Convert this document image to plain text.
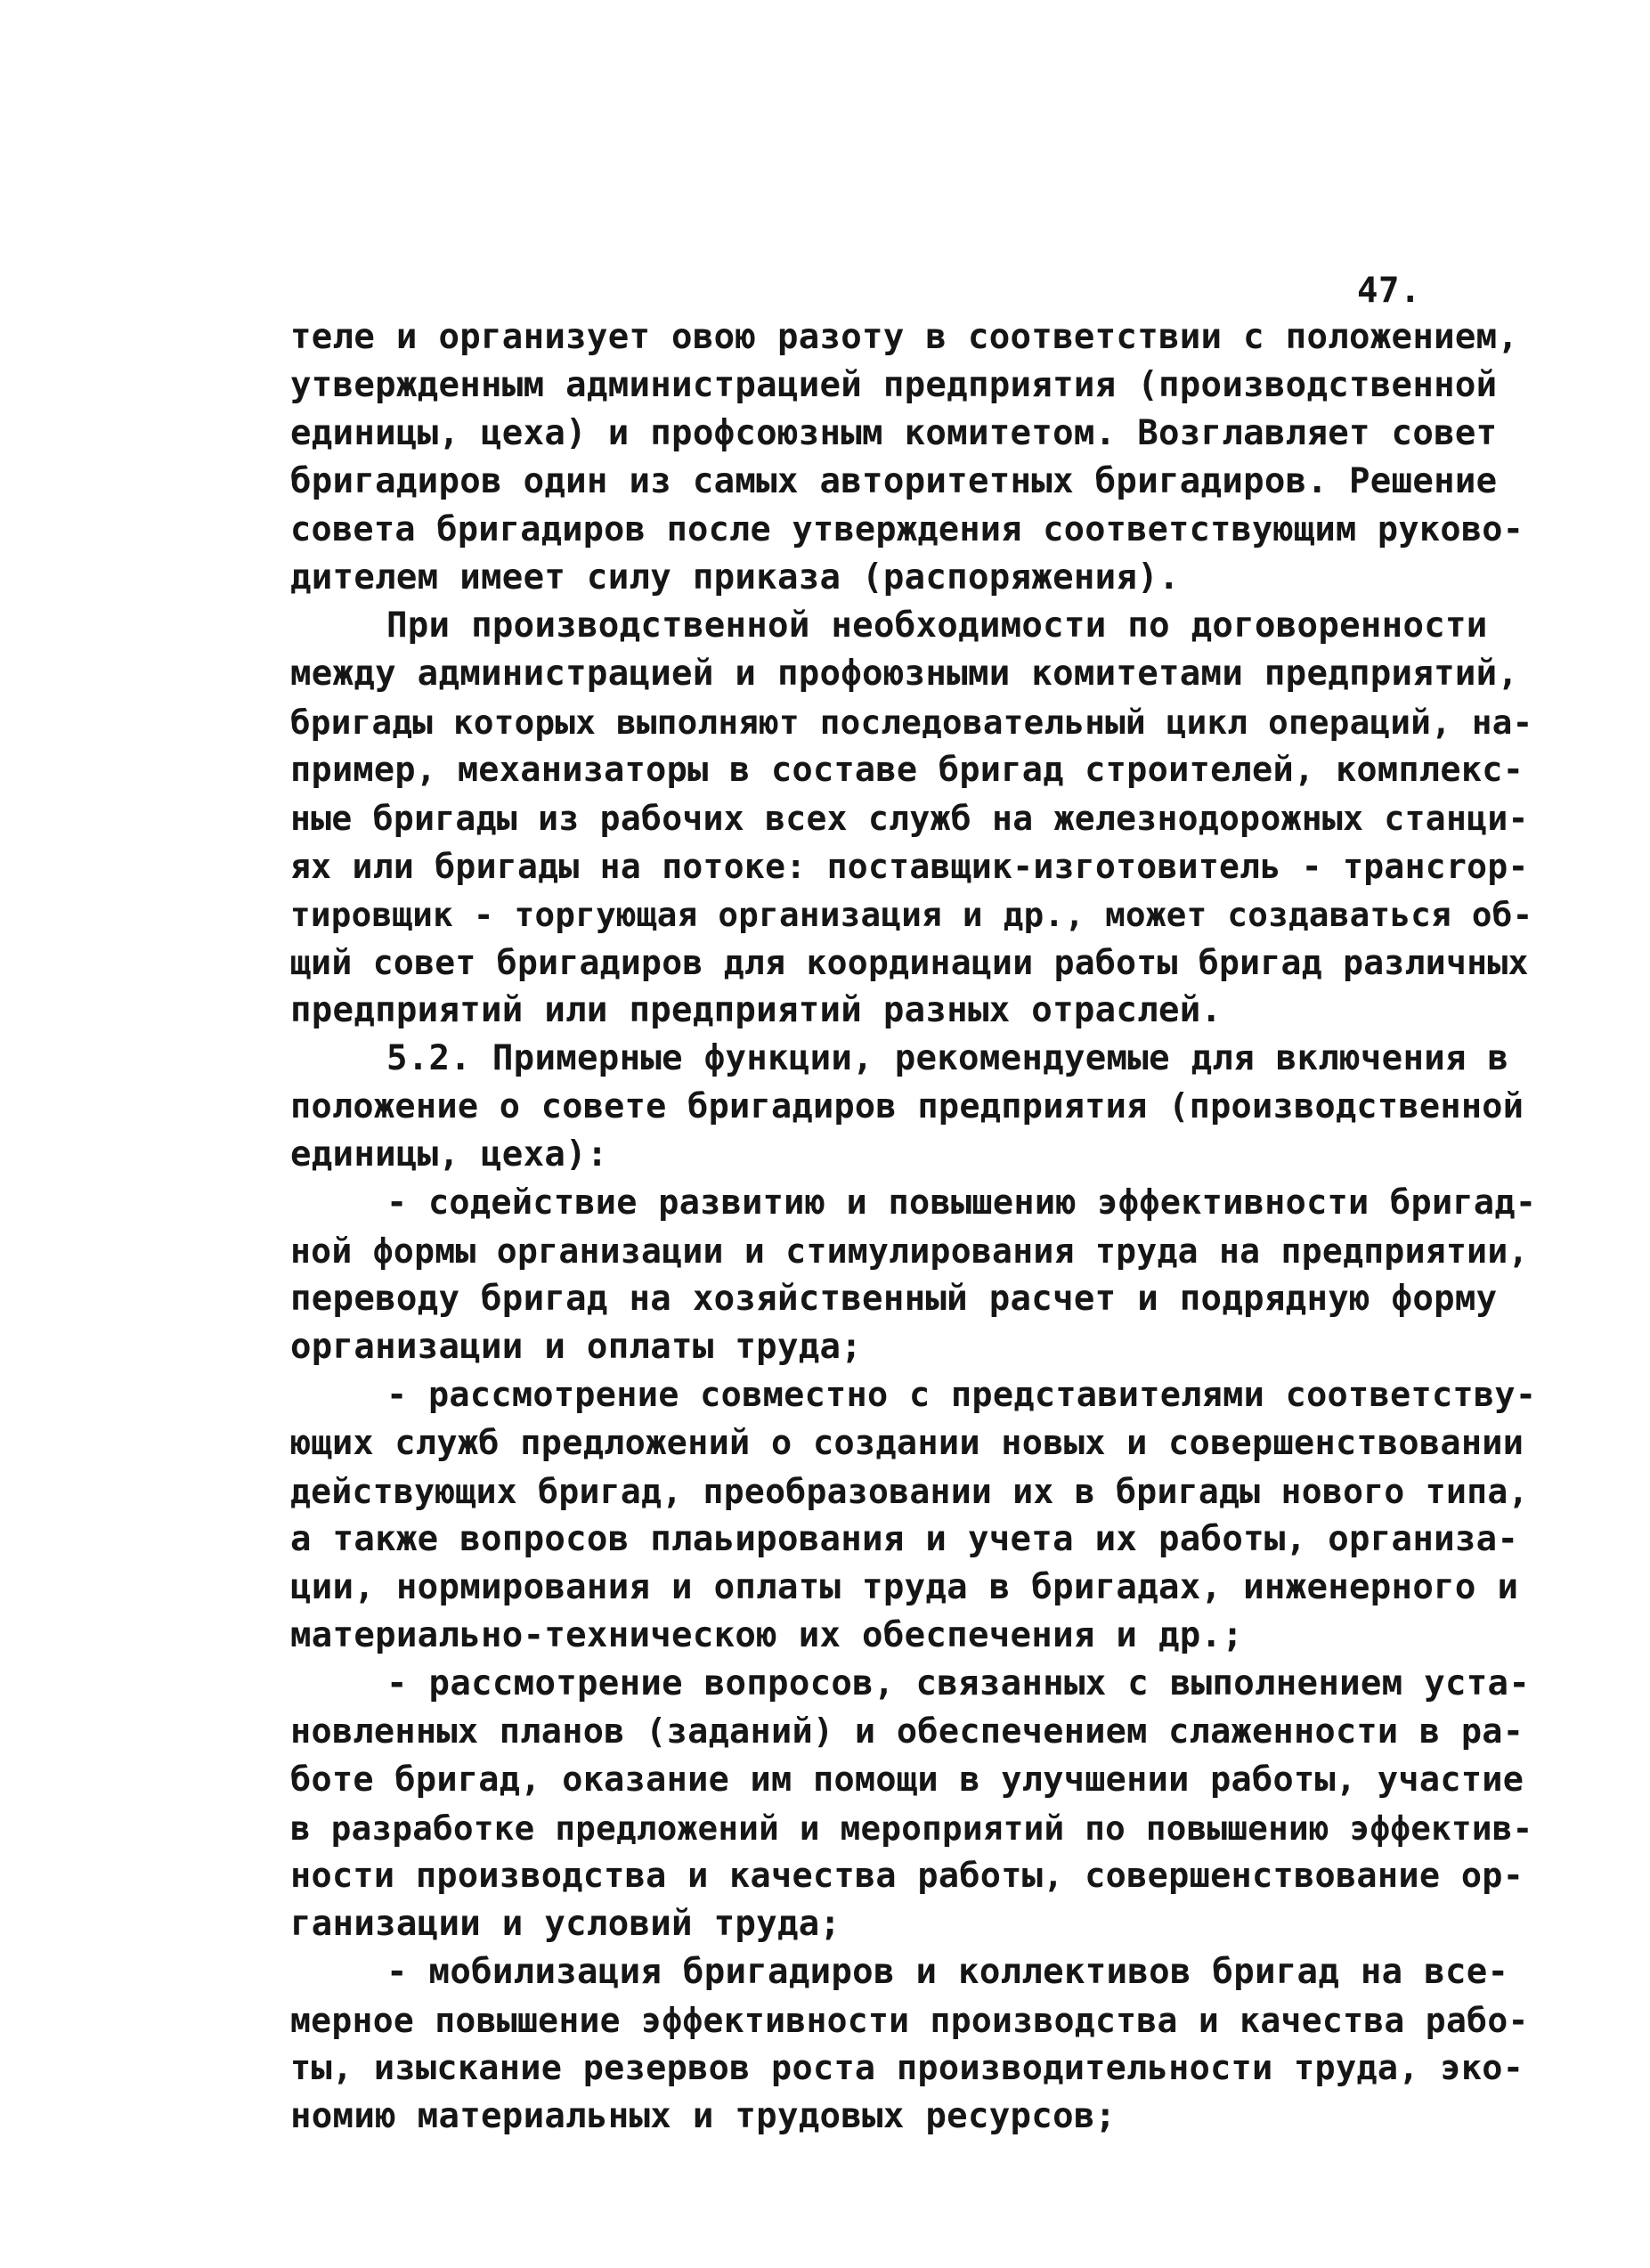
47.
теле и организует овою разоту в соответствии с положением,
утвержденным администрацией предприятия (производственной
единицы, цеха) и профсоюзным комитетом. Возглавляет совет
бригадиров один из самых авторитетных бригадиров. Решение
совета бригадиров после утверждения соответствующим руково-
дителем имеет силу приказа (распоряжения).
При производственной необходимости по договоренности
между администрацией и профоюзными комитетами предприятий,
бригады которых выполняют последовательный цикл операций, на-
пример, механизаторы в составе бригад строителей, комплекс-
ные бригады из рабочих всех служб на железнодорожных станци-
ях или бригады на потоке: поставщик-изготовитель - трансrop-
тировщик - торгующая организация и др., может создаваться об-
щий совет бригадиров для координации работы бригад различных
предприятий или предприятий разных отраслей.
5.2. Примерные функции, рекомендуемые для включения в
положение о совете бригадиров предприятия (производственной
единицы, цеха):
- содействие развитию и повышению эффективности бригад-
ной формы организации и стимулирования труда на предприятии,
переводу бригад на хозяйственный расчет и подрядную форму
организации и оплаты труда;
- рассмотрение совместно с представителями соответству-
ющих служб предложений о создании новых и совершенствовании
действующих бригад, преобразовании их в бригады нового типа,
а также вопросов плаьирования и учета их работы, организа-
ции, нормирования и оплаты труда в бригадах, инженерного и
материально-техническою их обеспечения и др.;
- рассмотрение вопросов, связанных с выполнением уста-
новленных планов (заданий) и обеспечением слаженности в ра-
боте бригад, оказание им помощи в улучшении работы, участие
в разработке предложений и мероприятий по повышению эффектив-
ности производства и качества работы, совершенствование ор-
ганизации и условий труда;
- мобилизация бригадиров и коллективов бригад на все-
мерное повышение эффективности производства и качества рабо-
ты, изыскание резервов роста производительности труда, эко-
номию материальных и трудовых ресурсов;
